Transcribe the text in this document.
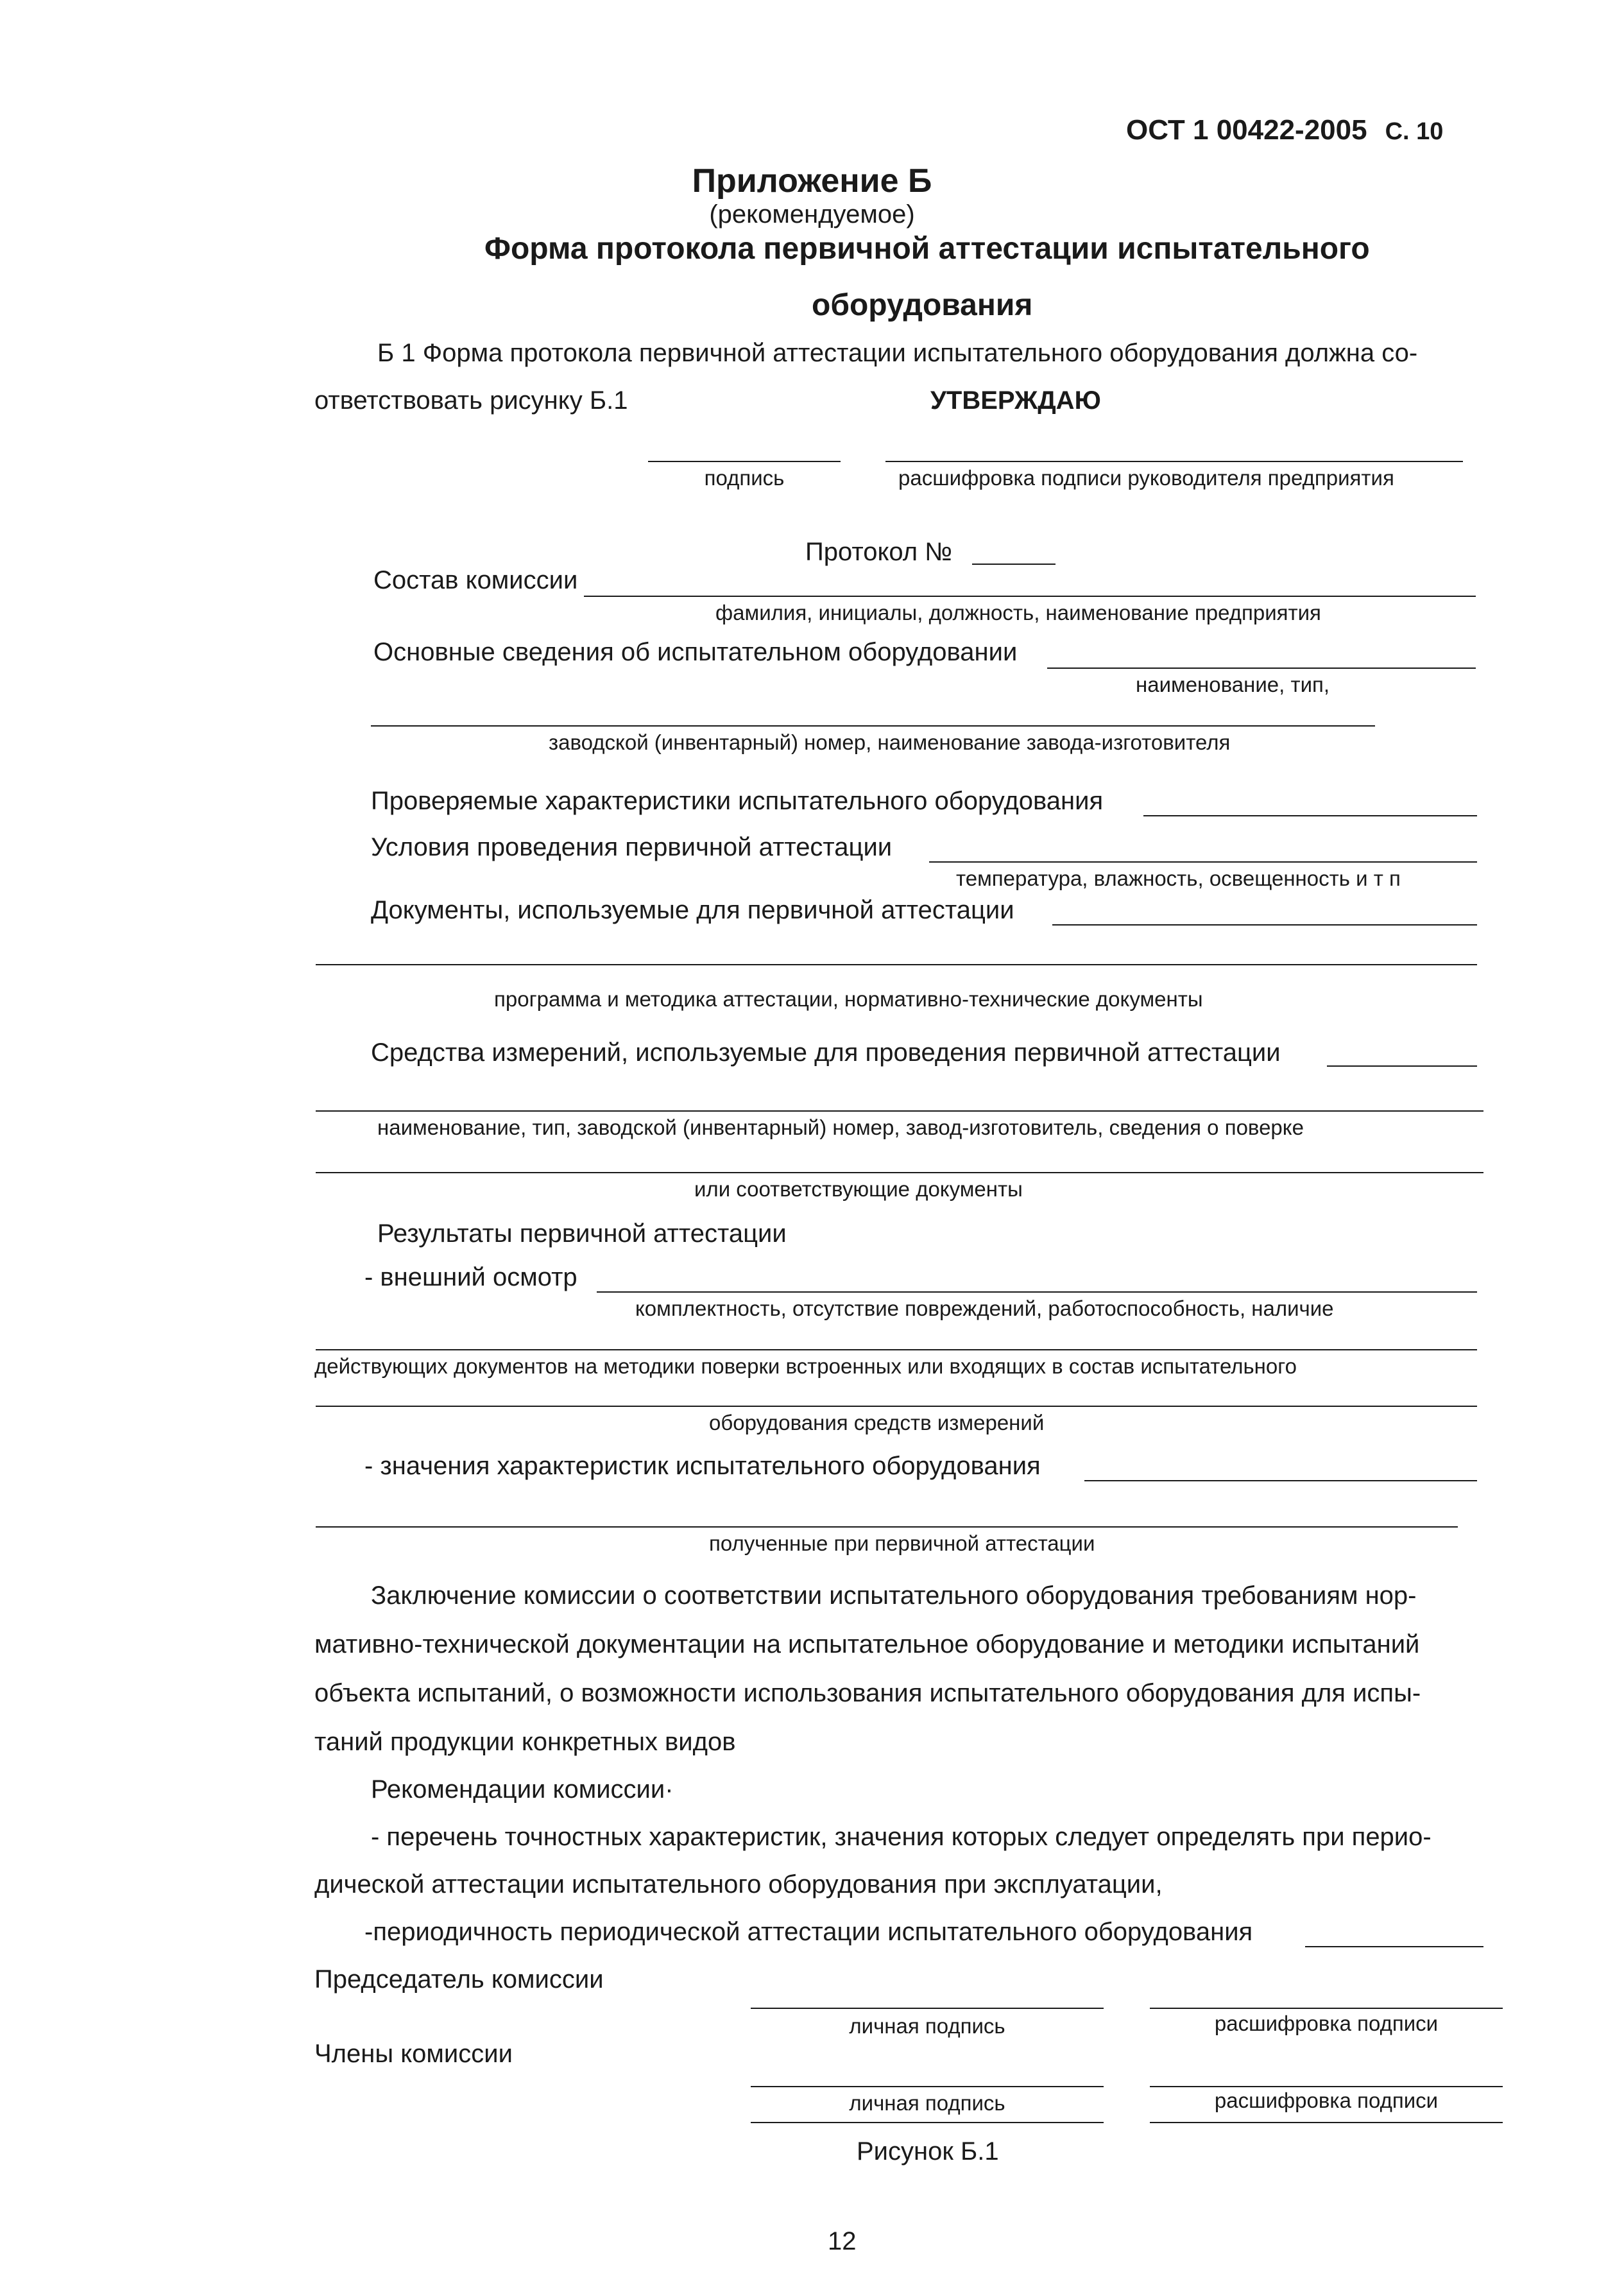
ОСТ 1 00422-2005 С. 10
Приложение Б
(рекомендуемое)
Форма протокола первичной аттестации испытательного
оборудования
Б 1 Форма протокола первичной аттестации испытательного оборудования должна со-
ответствовать рисунку Б.1	УТВЕРЖДАЮ
подпись	расшифровка подписи руководителя предприятия
Протокол №
Состав комиссии
фамилия, инициалы, должность, наименование предприятия
Основные сведения об испытательном оборудовании
наименование, тип,
заводской (инвентарный) номер, наименование завода-изготовителя
Проверяемые характеристики испытательного оборудования
Условия проведения первичной аттестации
температура, влажность, освещенность и т п
Документы, используемые для первичной аттестации
программа и методика аттестации, нормативно-технические документы
Средства измерений, используемые для проведения первичной аттестации
наименование, тип, заводской (инвентарный) номер, завод-изготовитель, сведения о поверке
или соответствующие документы
Результаты первичной аттестации
- внешний осмотр
комплектность, отсутствие повреждений, работоспособность, наличие
действующих документов на методики поверки встроенных или входящих в состав испытательного
оборудования средств измерений
- значения характеристик испытательного оборудования
полученные при первичной аттестации
Заключение комиссии о соответствии испытательного оборудования требованиям нор-
мативно-технической документации на испытательное оборудование и методики испытаний
объекта испытаний, о возможности использования испытательного оборудования для испы-
таний продукции конкретных видов
Рекомендации комиссии·
- перечень точностных характеристик, значения которых следует определять при перио-
дической аттестации испытательного оборудования при эксплуатации,
-периодичность периодической аттестации испытательного оборудования
Председатель комиссии
личная подпись	расшифровка подписи
Члены комиссии
личная подпись	расшифровка подписи
Рисунок Б.1
12
